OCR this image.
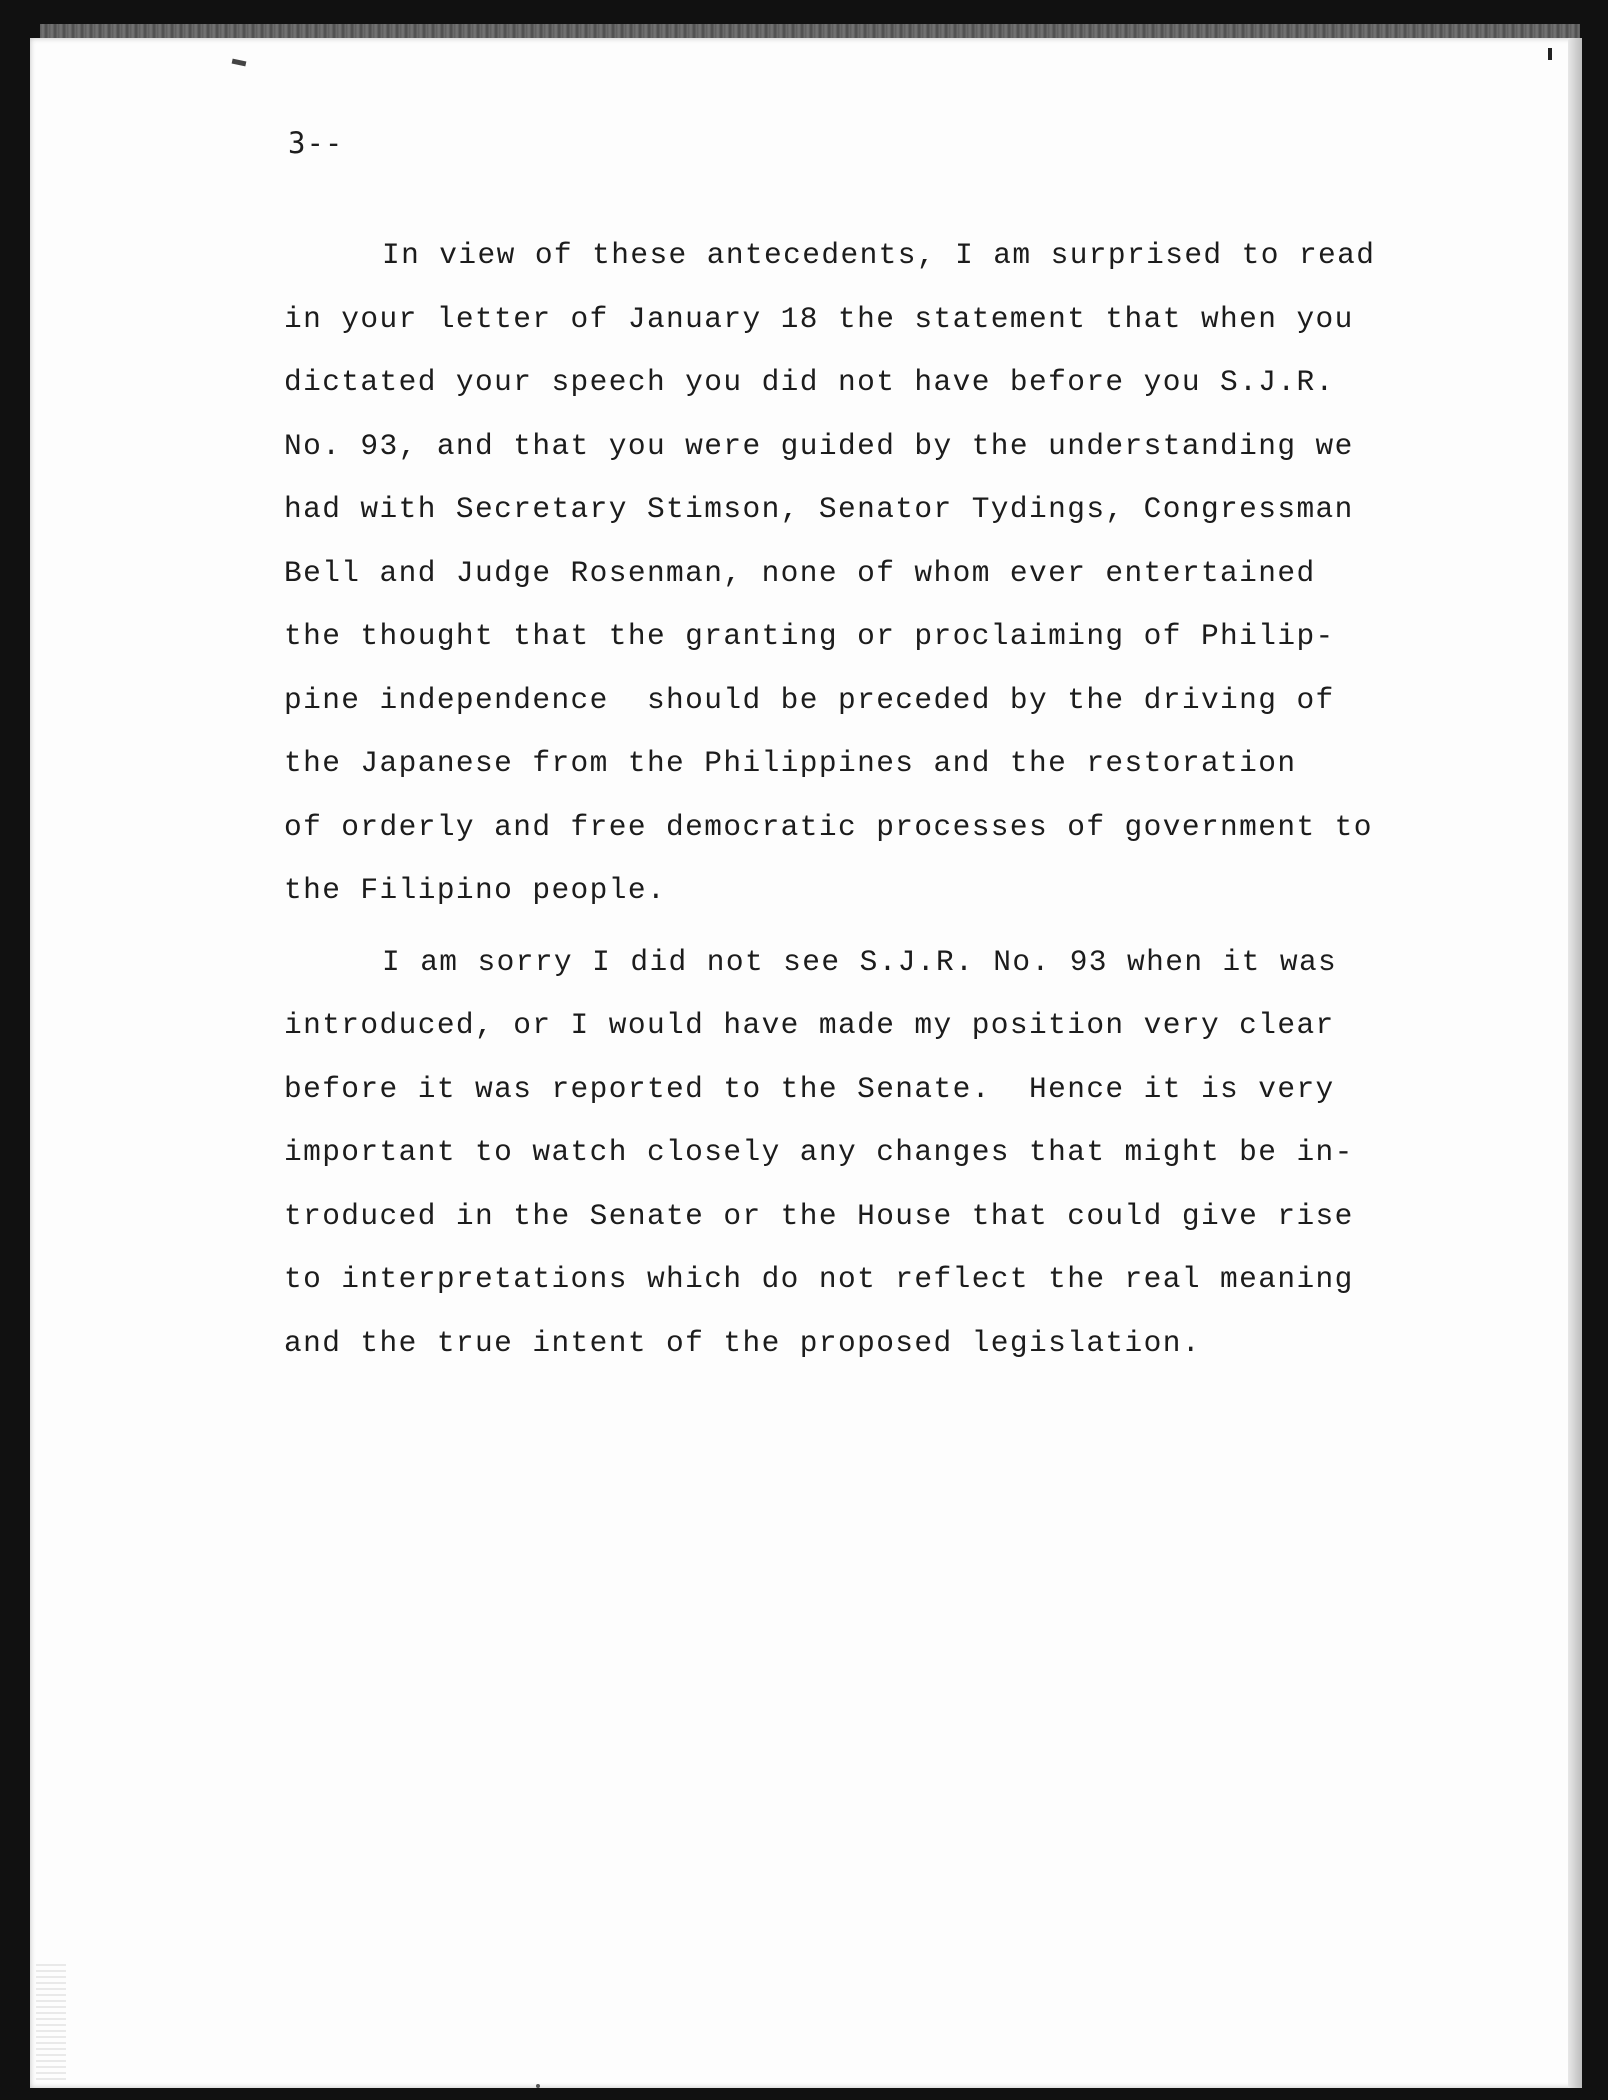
3--
In view of these antecedents, I am surprised to read
in your letter of January 18 the statement that when you
dictated your speech you did not have before you S.J.R.
No. 93, and that you were guided by the understanding we
had with Secretary Stimson, Senator Tydings, Congressman
Bell and Judge Rosenman, none of whom ever entertained
the thought that the granting or proclaiming of Philip-
pine independence  should be preceded by the driving of
the Japanese from the Philippines and the restoration
of orderly and free democratic processes of government to
the Filipino people.
I am sorry I did not see S.J.R. No. 93 when it was
introduced, or I would have made my position very clear
before it was reported to the Senate.  Hence it is very
important to watch closely any changes that might be in-
troduced in the Senate or the House that could give rise
to interpretations which do not reflect the real meaning
and the true intent of the proposed legislation.
